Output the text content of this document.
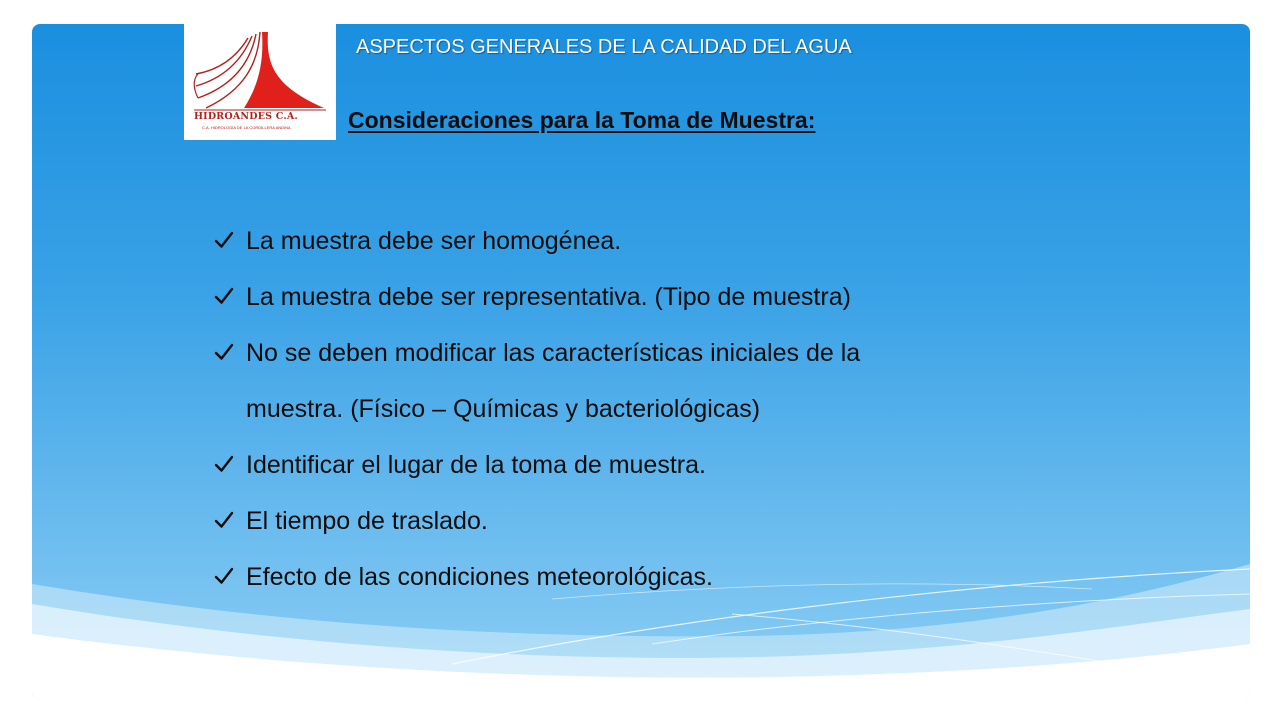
HIDROANDES C.A.
C.A. HIDROLOGÍA DE LA CORDILLERA ANDINA
ASPECTOS GENERALES DE LA CALIDAD DEL AGUA
Consideraciones para la Toma de Muestra:
La muestra debe ser homogénea.
La muestra debe ser representativa. (Tipo de muestra)
No se deben modificar las características iniciales de la
muestra. (Físico – Químicas y bacteriológicas)
Identificar el lugar de la toma de muestra.
El tiempo de traslado.
Efecto de las condiciones meteorológicas.
